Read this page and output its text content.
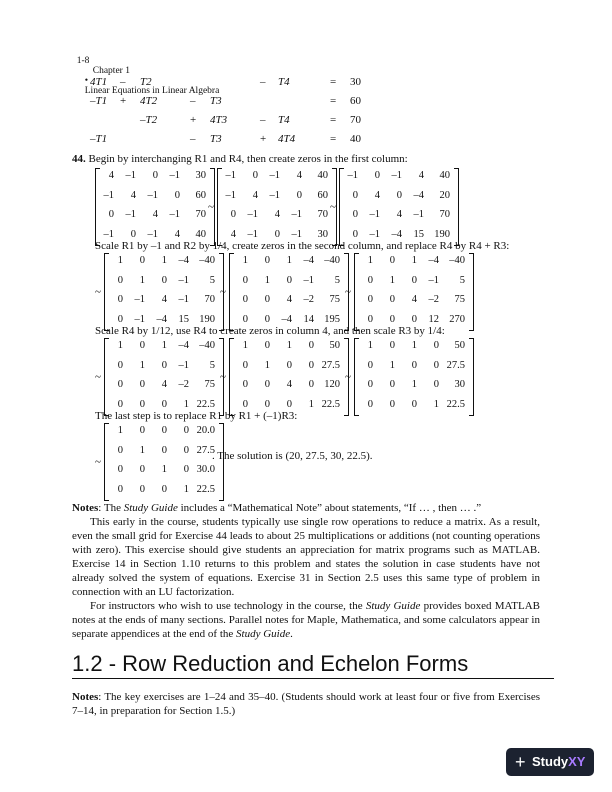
1-8
Chapter 1
•
Linear Equations in Linear Algebra

4T1 – T2	– T4	= 30
–T1 + 4T2	– T3	= 60
–T2	+ 4T3	– T4	= 70
–T1	– T3	+ 4T4	= 40
44. Begin by interchanging R1 and R4, then create zeros in the first column:
4	–1	0	–1	30
–1	4	–1	0	60
0	–1	4	–1	70
–1	0	–1	4	40
~
–1	0	–1	4	40
–1	4	–1	0	60
0	–1	4	–1	70
4	–1	0	–1	30
~
–1	0	–1	4	40
0	4	0	–4	20
0	–1	4	–1	70
0	–1	–4	15 190
~
1	0	1	–4 –40
0	1	0	–1	5
0	–1	4	–1	70
0	–1	–4	15 190
~
1	0	1	–4 –40
0	1	0	–1	5
0	0	4	–2	75
0	0	–4	14 195
~
1	0	1	–4 –40
0	1	0	–1	5
0	0	4	–2	75
0	0	0	12 270
~
1	0	1	–4 –40
0	1	0	–1	5
0	0	4	–2	75
0	0	0	1 22.5
~
1	0	1	0	50
0	1	0	0 27.5
0	0	4	0 120
0	0	0	1 22.5
~
1	0	1	0	50
0	1	0	0 27.5
0	0	1	0	30
0	0	0	1 22.5
~
1	0	0	0 20.0
0	1	0	0 27.5
0	0	1	0 30.0
0	0	0	1 22.5
Scale R1 by –1 and R2 by 1/4, create zeros in the second column, and replace R4 by R4 + R3:
Scale R4 by 1/12, use R4 to create zeros in column 4, and then scale R3 by 1/4:
The last step is to replace R1 by R1 + (–1)R3:
. The solution is (20, 27.5, 30, 22.5).

Notes: The Study Guide includes a “Mathematical Note” about statements, “If … , then … .”

This early in the course, students typically use single row operations to reduce a matrix. As a result, even the small grid for Exercise 44 leads to about 25 multiplications or additions (not counting operations with zero). This exercise should give students an appreciation for matrix programs such as MATLAB. Exercise 14 in Section 1.10 returns to this problem and states the solution in case students have not already solved the system of equations. Exercise 31 in Section 2.5 uses this same type of problem in connection with an LU factorization.

For instructors who wish to use technology in the course, the Study Guide provides boxed MATLAB notes at the ends of many sections. Parallel notes for Maple, Mathematica, and some calculators appear in separate appendices at the end of the Study Guide.

1.2 - Row Reduction and Echelon Forms

Notes: The key exercises are 1–24 and 35–40. (Students should work at least four or five from Exercises 7–14, in preparation for Section 1.5.)

+ StudyXY
